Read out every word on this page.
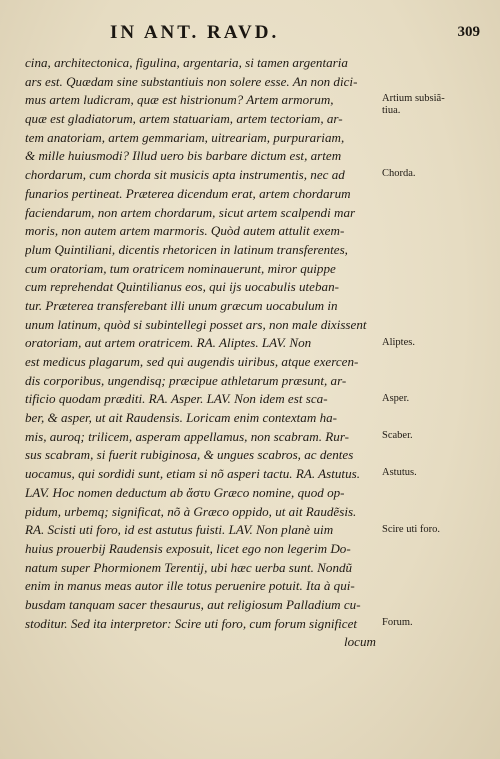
IN ANT. RAVD.	309
cina, architectonica, figulina, argentaria, si tamen argentaria
ars est. Quædam sine substantiuis non solere esse. An non dici-
mus artem ludicram, quæ est histrionum? Artem armorum,
quæ est gladiatorum, artem statuariam, artem tectoriam, ar-
tem anatoriam, artem gemmariam, uitreariam, purpurariam,
& mille huiusmodi? Illud uero bis barbare dictum est, artem
chordarum, cum chorda sit musicis apta instrumentis, nec ad
funarios pertineat. Præterea dicendum erat, artem chordarum
faciendarum, non artem chordarum, sicut artem scalpendi mar
moris, non autem artem marmoris. Quòd autem attulit exem-
plum Quintiliani, dicentis rhetoricen in latinum transferentes,
cum oratoriam, tum oratricem nominauerunt, miror quippe
cum reprehendat Quintilianus eos, qui ijs uocabulis uteban-
tur. Præterea transferebant illi unum græcum uocabulum in
unum latinum, quòd si subintellegi posset ars, non male dixissent
oratoriam, aut artem oratricem. RA. Aliptes. LAV. Non
est medicus plagarum, sed qui augendis uiribus, atque exercen-
dis corporibus, ungendisq; præcipue athletarum præsunt, ar-
tificio quodam præditi. RA. Asper. LAV. Non idem est sca-
ber, & asper, ut ait Raudensis. Loricam enim contextam ha-
mis, auroq; trilicem, asperam appellamus, non scabram. Rur-
sus scabram, si fuerit rubiginosa, & ungues scabros, ac dentes
uocamus, qui sordidi sunt, etiam si nõ asperi tactu. RA. Astutus.
LAV. Hoc nomen deductum ab ἄστυ Græco nomine, quod op-
pidum, urbemq; significat, nõ à Græco oppido, ut ait Raudẽsis.
RA. Scisti uti foro, id est astutus fuisti. LAV. Non planè uim
huius prouerbij Raudensis exposuit, licet ego non legerim Do-
natum super Phormionem Terentij, ubi hæc uerba sunt. Nondũ
enim in manus meas autor ille totus peruenire potuit. Ita à qui-
busdam tanquam sacer thesaurus, aut religiosum Palladium cu-
stoditur. Sed ita interpretor: Scire uti foro, cum forum significet
locum
Artium subsiã-
tiua.
Chorda.
Aliptes.
Asper.
Scaber.
Astutus.
Scire uti foro.
Forum.
